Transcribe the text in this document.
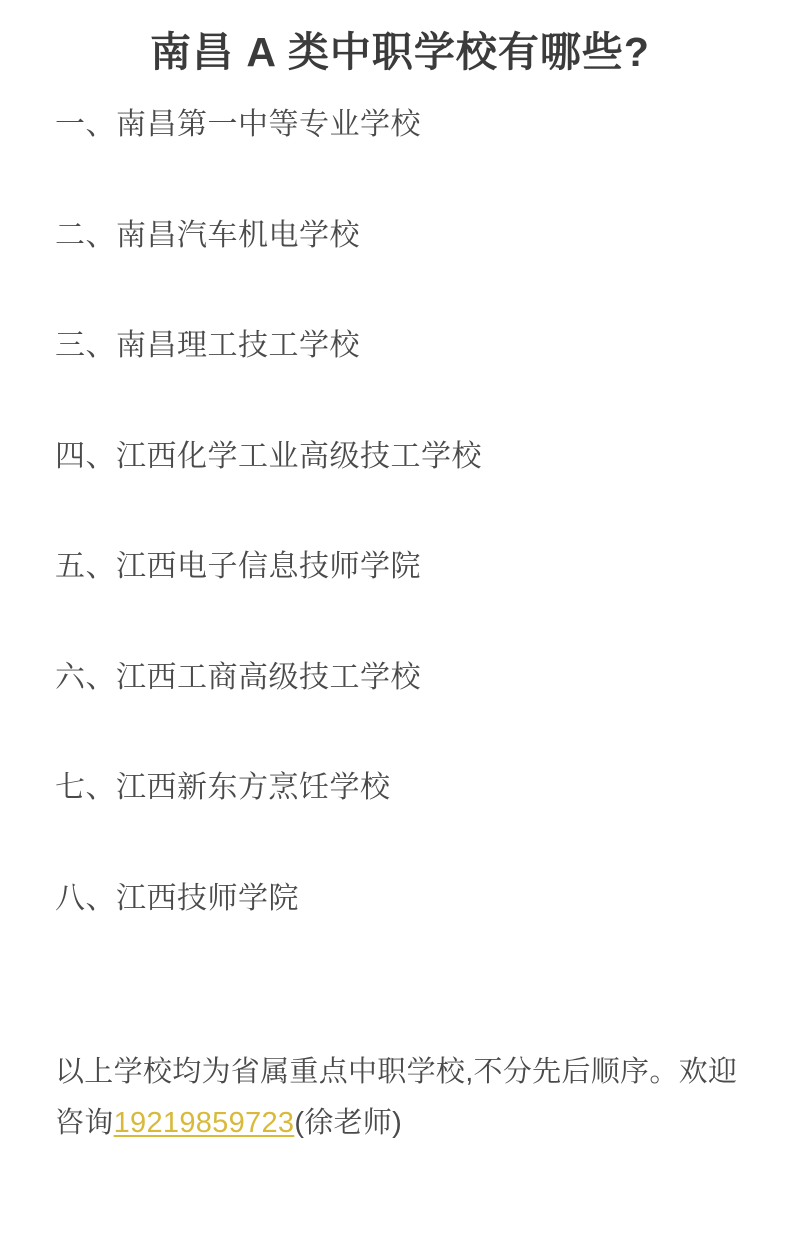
南昌 A 类中职学校有哪些?
一、南昌第一中等专业学校
二、南昌汽车机电学校
三、南昌理工技工学校
四、江西化学工业高级技工学校
五、江西电子信息技师学院
六、江西工商高级技工学校
七、江西新东方烹饪学校
八、江西技师学院

以上学校均为省属重点中职学校,不分先后顺序。欢迎咨询19219859723(徐老师)
